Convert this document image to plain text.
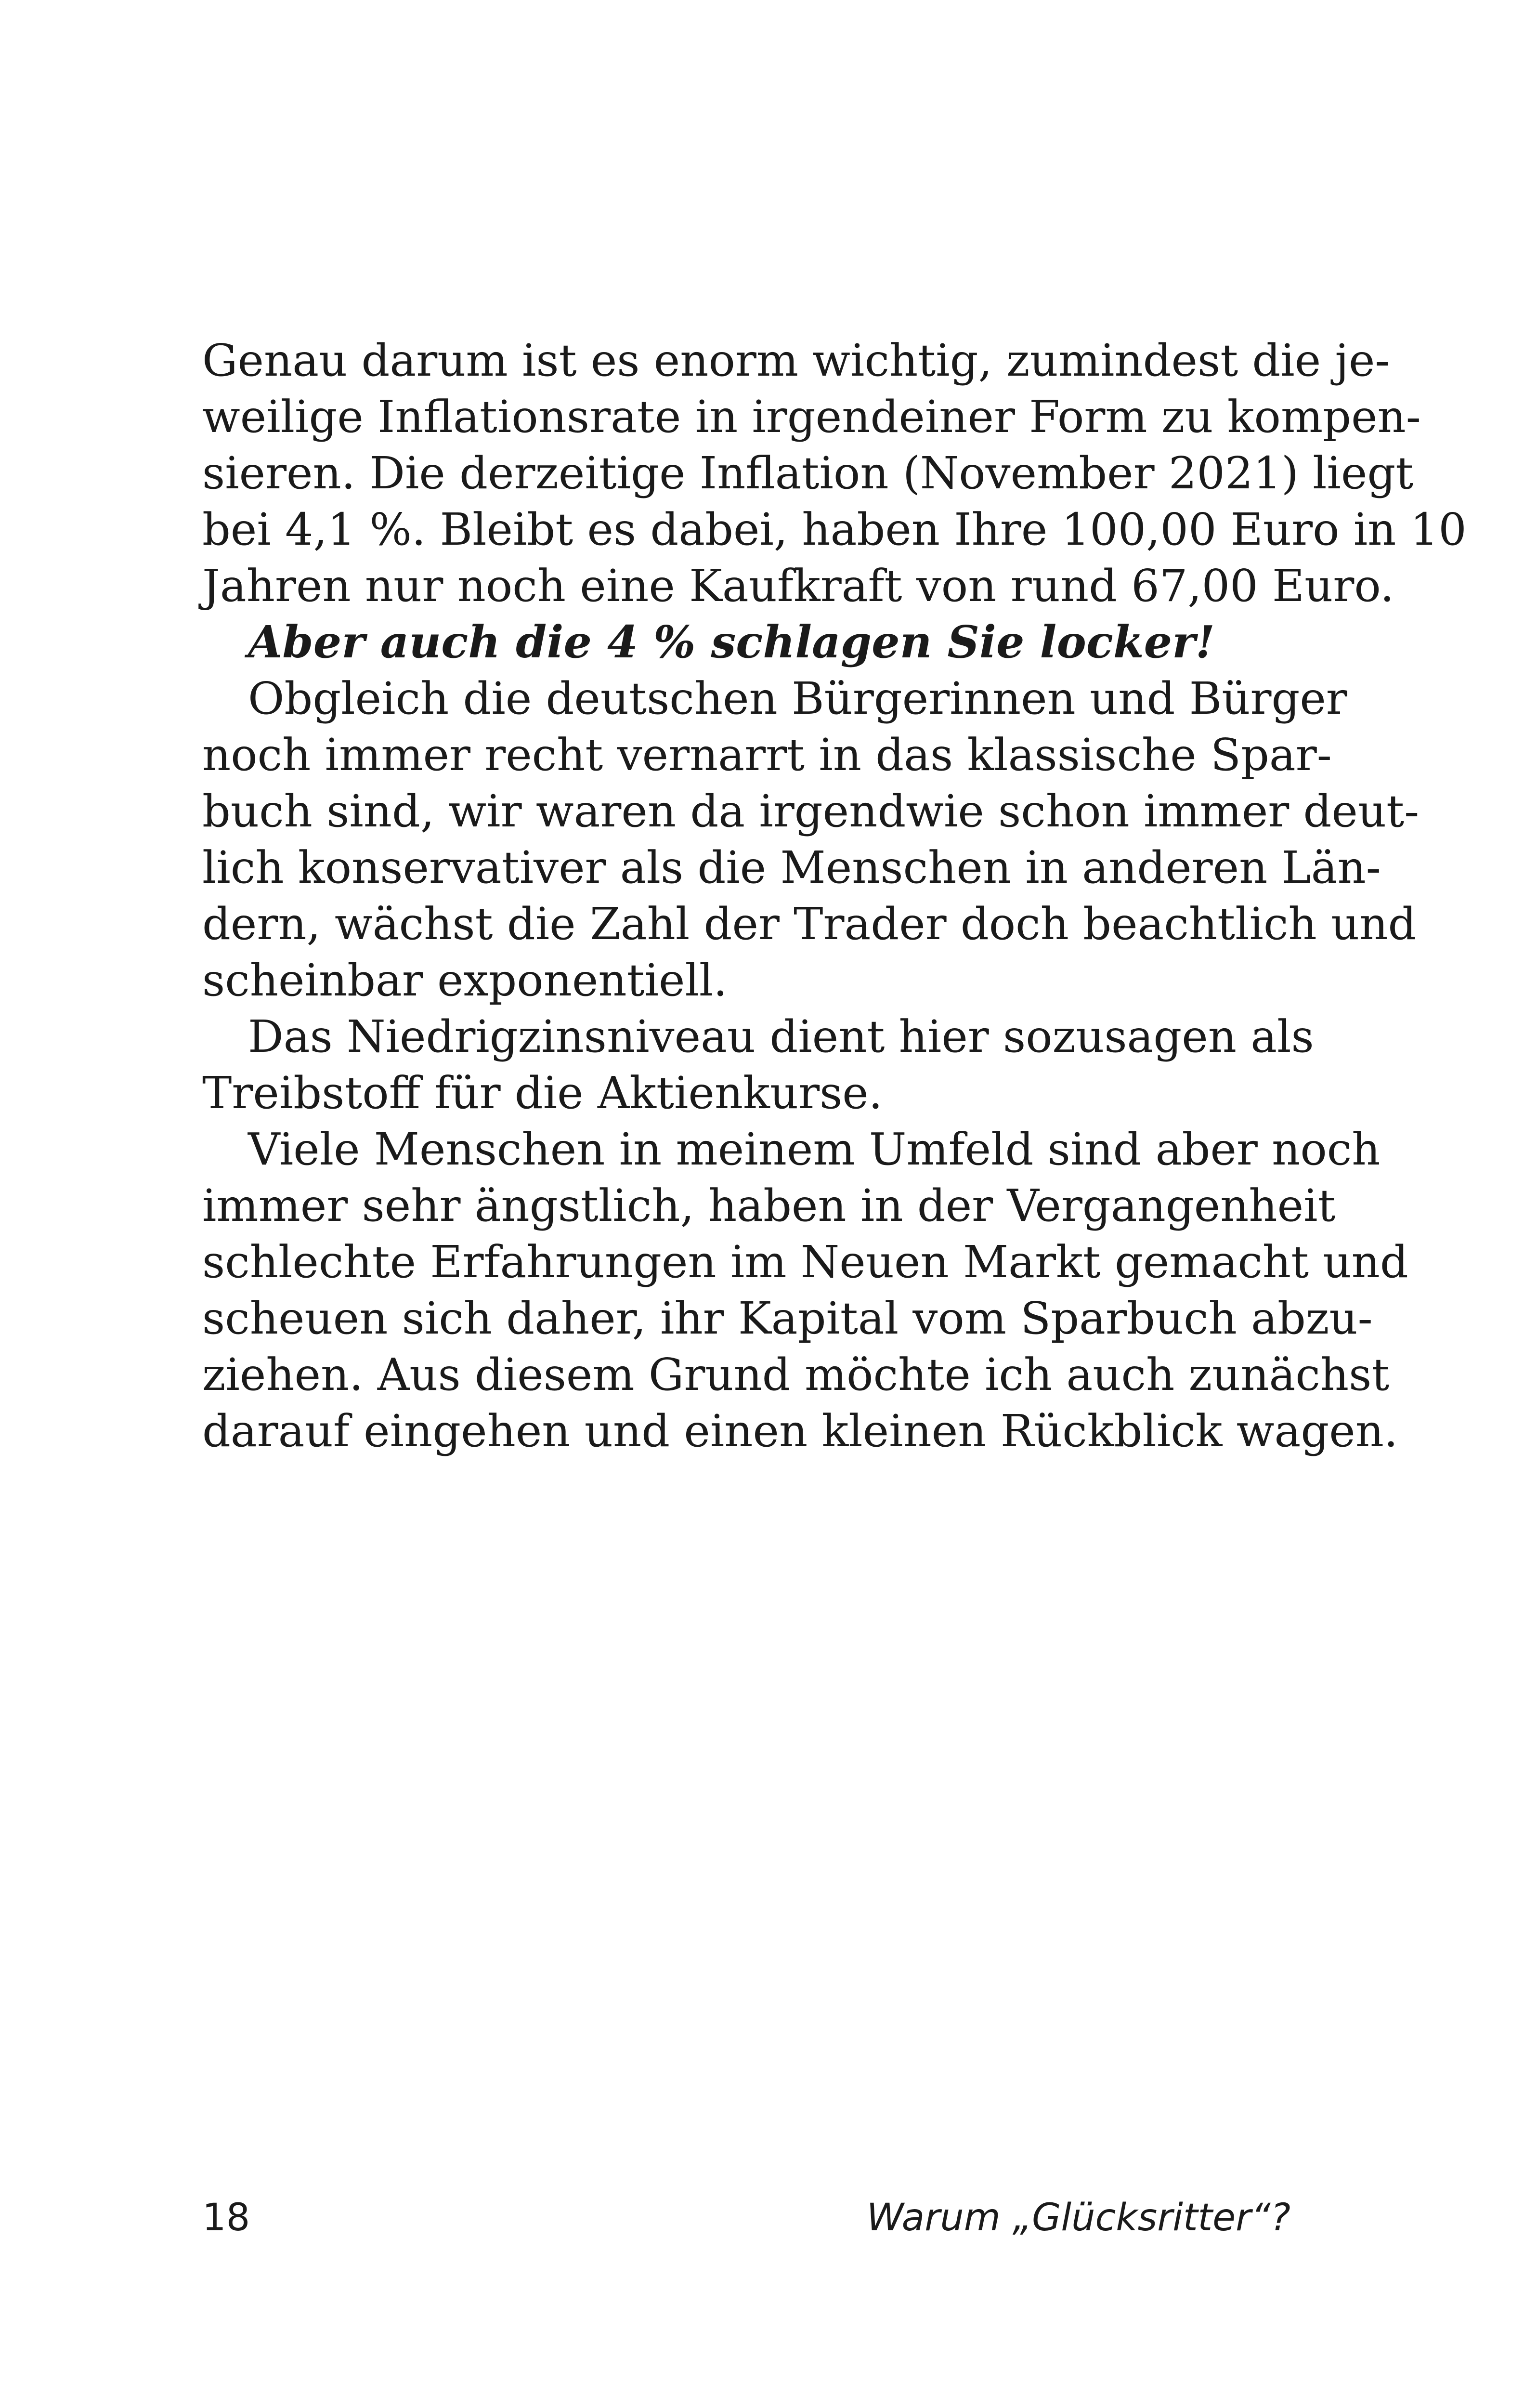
Genau darum ist es enorm wichtig, zumindest die je-
weilige Inflationsrate in irgendeiner Form zu kompen-
sieren. Die derzeitige Inflation (November 2021) liegt
bei 4,1 %. Bleibt es dabei, haben Ihre 100,00 Euro in 10
Jahren nur noch eine Kaufkraft von rund 67,00 Euro.
Aber auch die 4 % schlagen Sie locker!
Obgleich die deutschen Bürgerinnen und Bürger
noch immer recht vernarrt in das klassische Spar-
buch sind, wir waren da irgendwie schon immer deut-
lich konservativer als die Menschen in anderen Län-
dern, wächst die Zahl der Trader doch beachtlich und
scheinbar exponentiell.
Das Niedrigzinsniveau dient hier sozusagen als
Treibstoff für die Aktienkurse.
Viele Menschen in meinem Umfeld sind aber noch
immer sehr ängstlich, haben in der Vergangenheit
schlechte Erfahrungen im Neuen Markt gemacht und
scheuen sich daher, ihr Kapital vom Sparbuch abzu-
ziehen. Aus diesem Grund möchte ich auch zunächst
darauf eingehen und einen kleinen Rückblick wagen.
18	Warum „Glücksritter“?
